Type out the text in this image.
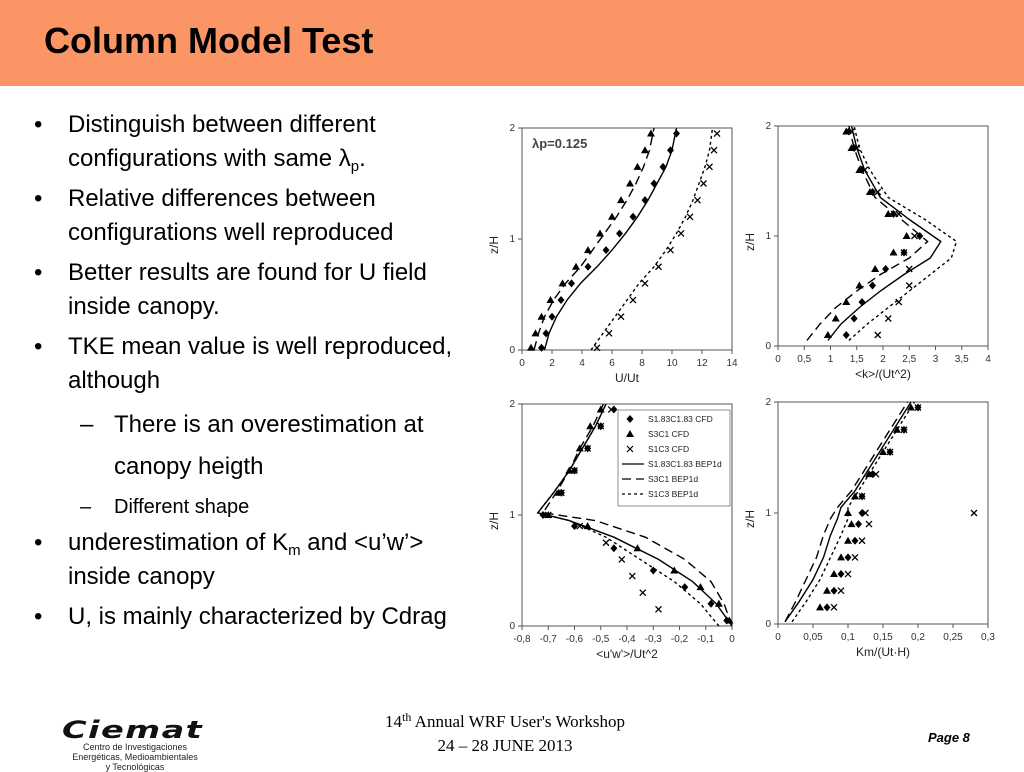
Column Model Test
• Distinguish between different configurations with same $\lambda_p$.
• Relative differences between configurations well reproduced
• Better results are found for U field inside canopy.
• TKE mean value is well reproduced, although
– There is an overestimation at canopy heigth
– Different shape
• underestimation of $K_m$ and <u’w’> inside canopy
• U, is mainly characterized by Cdrag
0 2 4 6 8 10 12 14
0
1
2
U/Ut
z/H
λp=0.125
0 0,5 1 1,5 2 2,5 3 3,5 4
0
1
2
<k>/(Ut^2)
z/H
-0,8 -0,7 -0,6 -0,5 -0,4 -0,3 -0,2 -0,1 0
0
1
2
<u'w'>/Ut^2
z/H
S1.83C1.83 CFD
S3C1 CFD
S1C3 CFD
S1.83C1.83 BEP1d
S3C1 BEP1d
S1C3 BEP1d
0 0,05 0,1 0,15 0,2 0,25 0,3
0
1
2
Km/(Ut·H)
z/H
Ciemat
Centro de Investigaciones
Energéticas, Medioambientales
y Tecnológicas
14th Annual WRF User's Workshop
24 – 28 JUNE 2013	Page 8
